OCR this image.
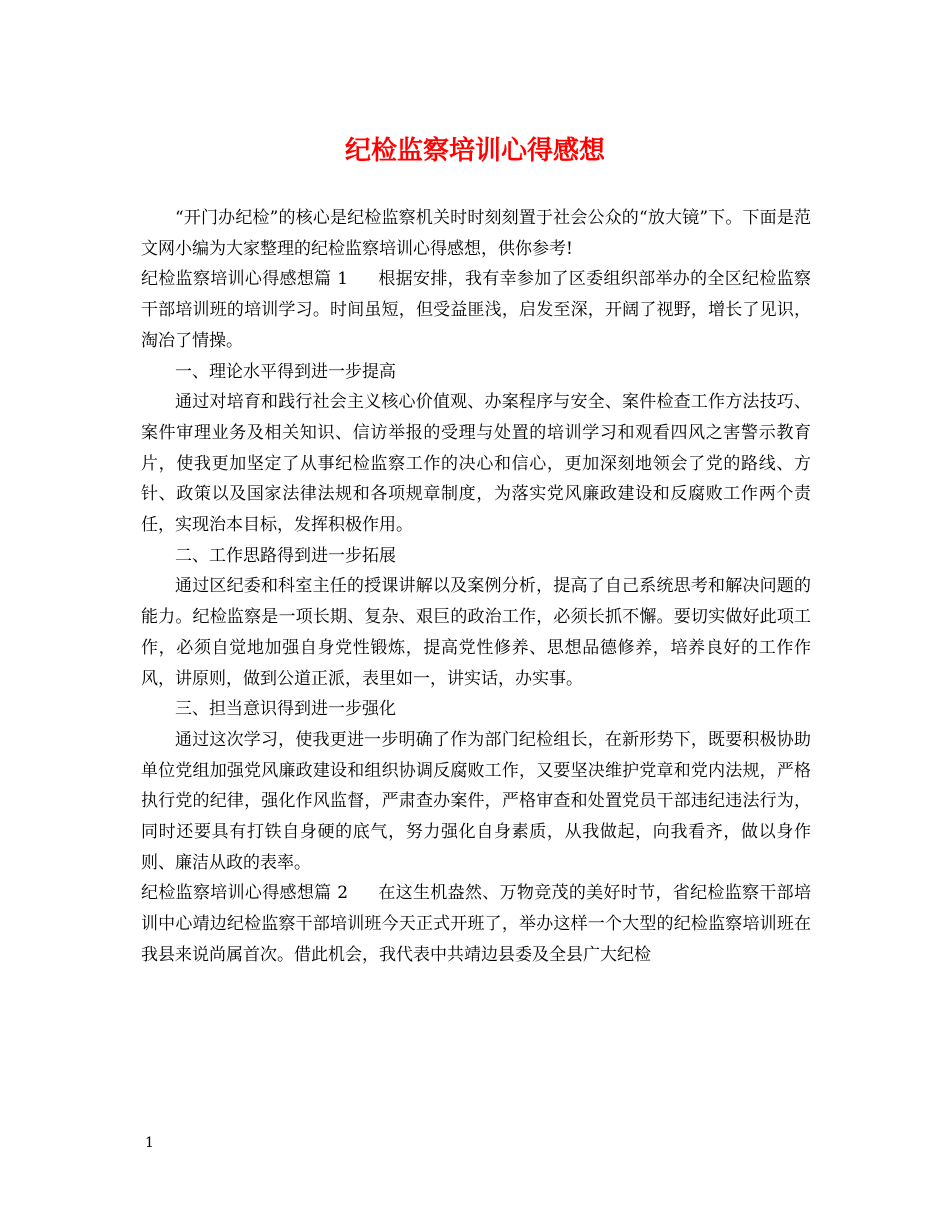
纪检监察培训心得感想

“开门办纪检”的核心是纪检监察机关时时刻刻置于社会公众的“放大镜”下。下面是范文网小编为大家整理的纪检监察培训心得感想，供你参考!

纪检监察培训心得感想篇 1 根据安排，我有幸参加了区委组织部举办的全区纪检监察干部培训班的培训学习。时间虽短，但受益匪浅，启发至深，开阔了视野，增长了见识，淘冶了情操。

一、理论水平得到进一步提高

通过对培育和践行社会主义核心价值观、办案程序与安全、案件检查工作方法技巧、案件审理业务及相关知识、信访举报的受理与处置的培训学习和观看四风之害警示教育片，使我更加坚定了从事纪检监察工作的决心和信心，更加深刻地领会了党的路线、方针、政策以及国家法律法规和各项规章制度，为落实党风廉政建设和反腐败工作两个责任，实现治本目标，发挥积极作用。

二、工作思路得到进一步拓展

通过区纪委和科室主任的授课讲解以及案例分析，提高了自己系统思考和解决问题的能力。纪检监察是一项长期、复杂、艰巨的政治工作，必须长抓不懈。要切实做好此项工作，必须自觉地加强自身党性锻炼，提高党性修养、思想品德修养，培养良好的工作作风，讲原则，做到公道正派，表里如一，讲实话，办实事。

三、担当意识得到进一步强化

通过这次学习，使我更进一步明确了作为部门纪检组长，在新形势下，既要积极协助单位党组加强党风廉政建设和组织协调反腐败工作，又要坚决维护党章和党内法规，严格执行党的纪律，强化作风监督，严肃查办案件，严格审查和处置党员干部违纪违法行为，同时还要具有打铁自身硬的底气，努力强化自身素质，从我做起，向我看齐，做以身作则、廉洁从政的表率。

纪检监察培训心得感想篇 2 在这生机盎然、万物竞茂的美好时节，省纪检监察干部培训中心靖边纪检监察干部培训班今天正式开班了，举办这样一个大型的纪检监察培训班在我县来说尚属首次。借此机会，我代表中共靖边县委及全县广大纪检

1
